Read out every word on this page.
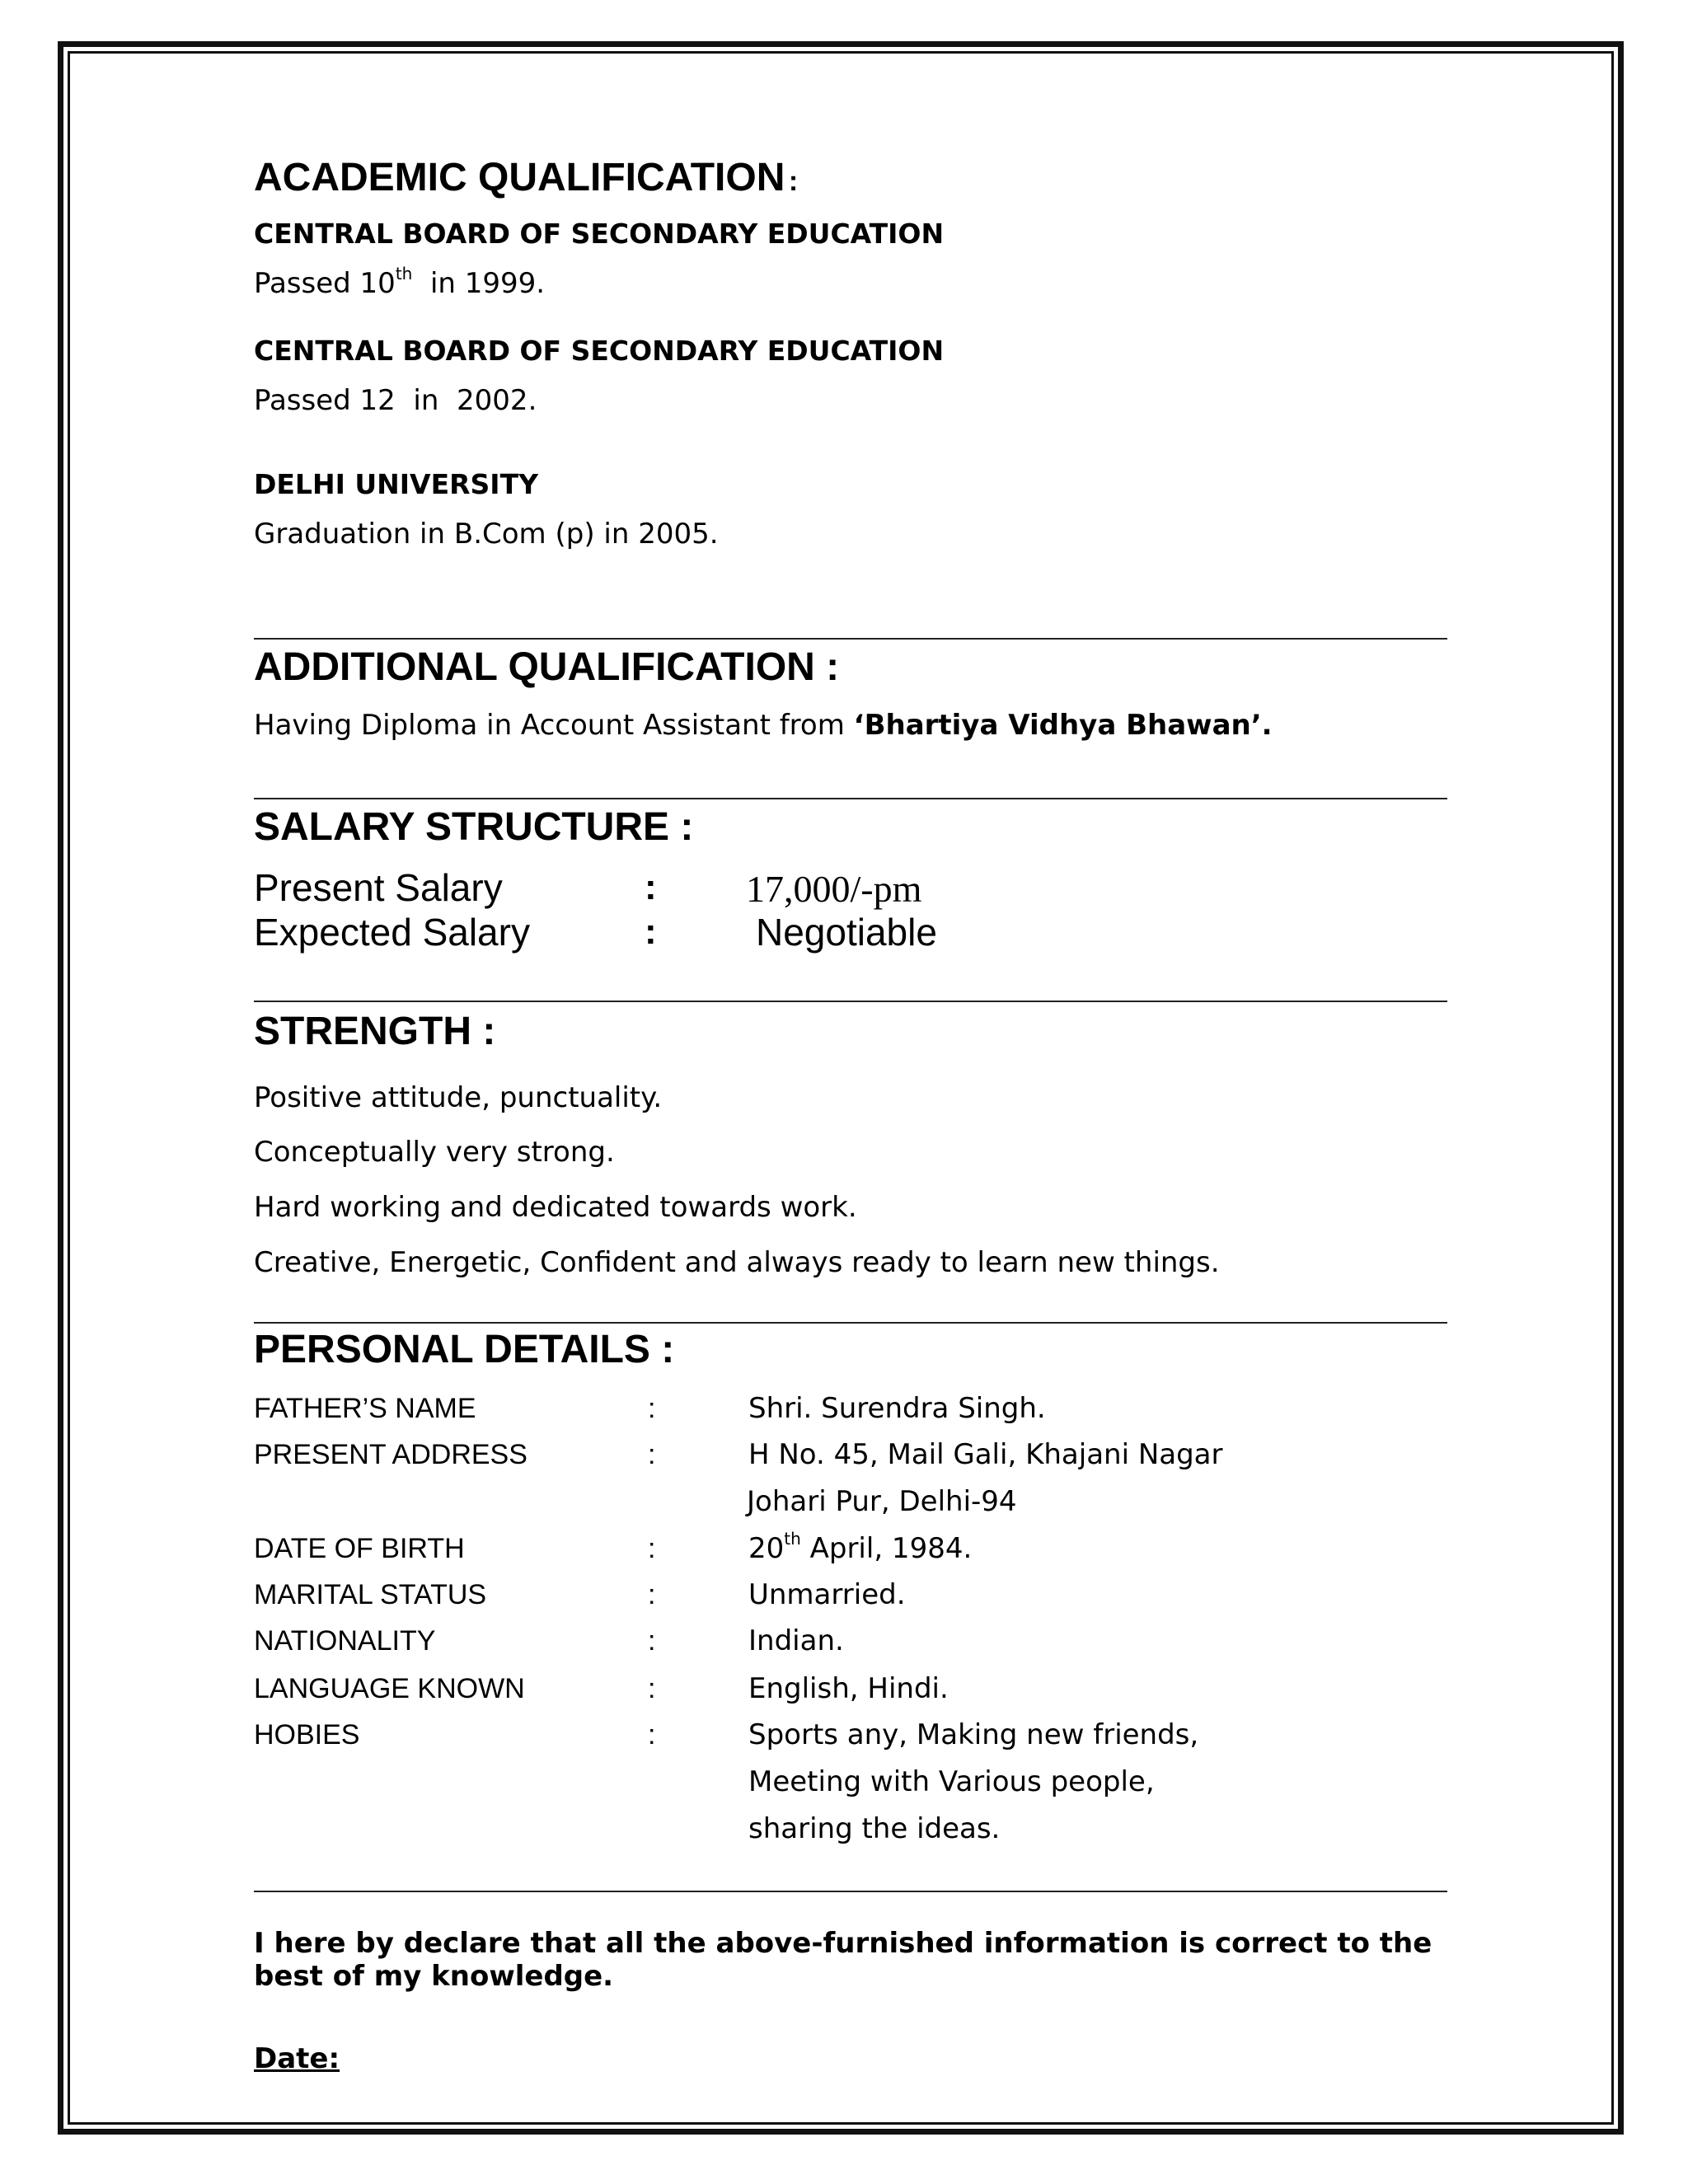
ACADEMIC QUALIFICATION :
CENTRAL BOARD OF SECONDARY EDUCATION
Passed 10th  in 1999.
CENTRAL BOARD OF SECONDARY EDUCATION
Passed 12  in  2002.
DELHI UNIVERSITY
Graduation in B.Com (p) in 2005.
ADDITIONAL QUALIFICATION :
Having Diploma in Account Assistant from ‘Bhartiya Vidhya Bhawan’.
SALARY STRUCTURE :
Present Salary	: 17,000/-pm
Expected Salary	:	Negotiable
STRENGTH :
Positive attitude, punctuality.
Conceptually very strong.
Hard working and dedicated towards work.
Creative, Energetic, Confident and always ready to learn new things.
PERSONAL DETAILS :
FATHER’S NAME	:	Shri. Surendra Singh.
PRESENT ADDRESS	:	H No. 45, Mail Gali, Khajani Nagar
Johari Pur, Delhi-94
DATE OF BIRTH	:	20th April, 1984.
MARITAL STATUS	:	Unmarried.
NATIONALITY	:	Indian.
LANGUAGE KNOWN	:	English, Hindi.
HOBIES	:	Sports any, Making new friends,
Meeting with Various people,
sharing the ideas.
I here by declare that all the above-furnished information is correct to the best of my knowledge.
Date:
